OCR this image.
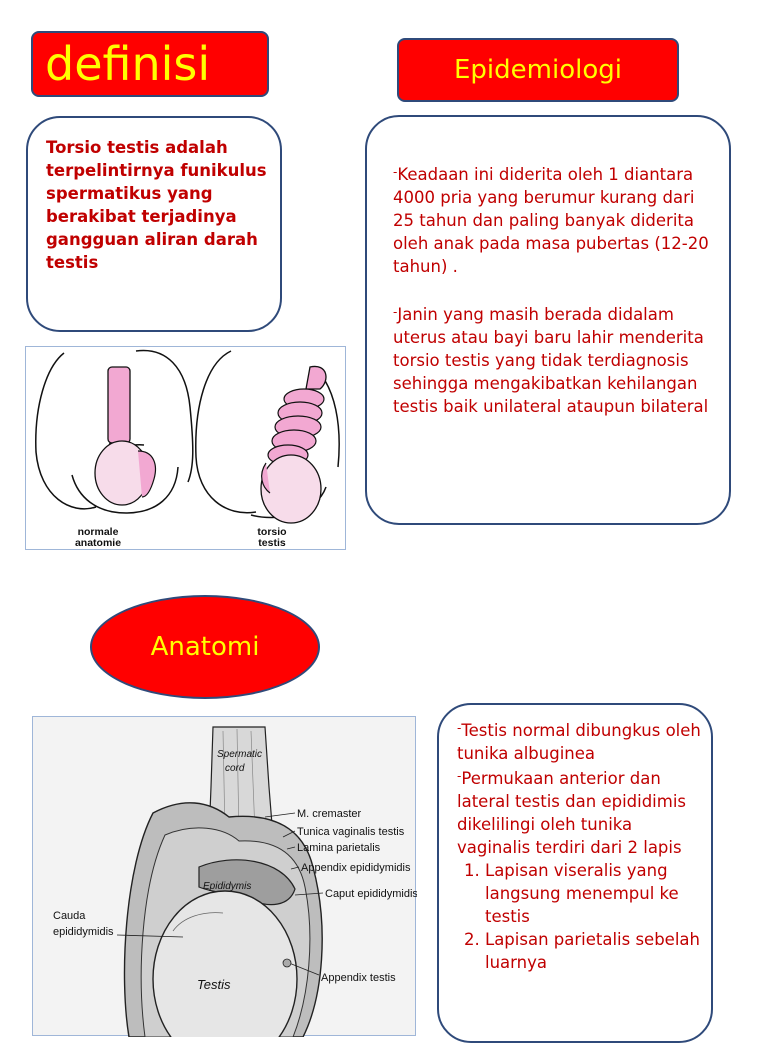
definisi	Epidemiologi
Anatomi

Torsio testis adalah terpelintirnya funikulus spermatikus yang berakibat terjadinya gangguan aliran darah testis

-Keadaan ini diderita oleh 1 diantara 4000 pria yang berumur kurang dari 25 tahun dan paling banyak diderita oleh anak pada masa pubertas (12-20 tahun) .

-Janin yang masih berada didalam uterus atau bayi baru lahir menderita torsio testis yang tidak terdiagnosis sehingga mengakibatkan kehilangan testis baik unilateral ataupun bilateral

normale
anatomie
torsio
testis
Spermatic
cord
M. cremaster
Tunica vaginalis testis
Lamina parietalis
Appendix epididymidis
Caput epididymidis
Cauda
epididymidis
Testis	Appendix testis
Epididymis

-Testis normal dibungkus oleh tunika albuginea

-Permukaan anterior dan lateral testis dan epididimis dikelilingi oleh tunika vaginalis terdiri dari 2 lapis

1. Lapisan viseralis yang langsung menempul ke testis
2. Lapisan parietalis sebelah luarnya
